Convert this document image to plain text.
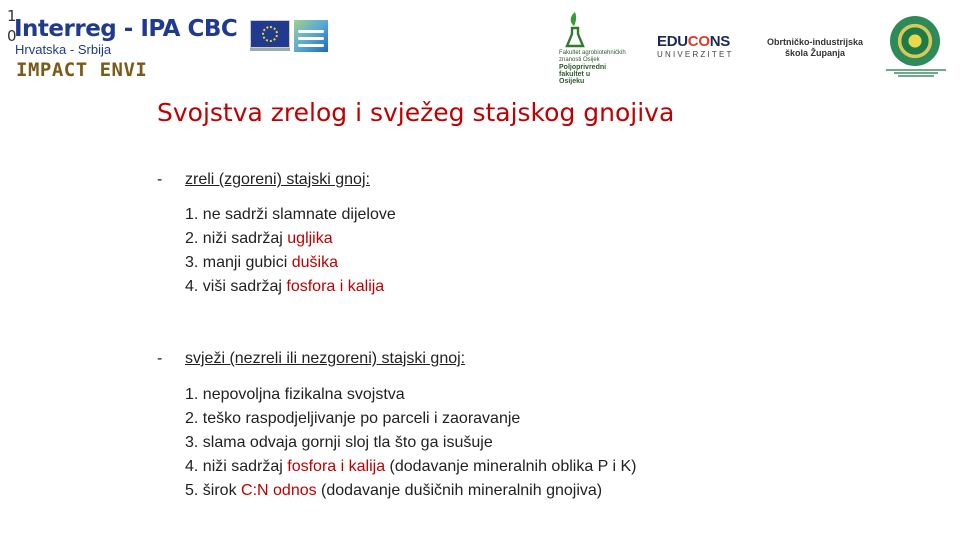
1
0
Interreg - IPA CBC
Hrvatska - Srbija
IMPACT ENVI
Fakultet agrobiotehničkih znanosti Osijek
Poljoprivredni
fakultet u
Osijeku
EDUCONS
UNIVERZITET
Obrtničko-industrijska
škola Županja
Svojstva zrelog i svježeg stajskog gnojiva
- zreli (zgoreni) stajski gnoj:
1. ne sadrži slamnate dijelove
2. niži sadržaj ugljika
3. manji gubici dušika
4. viši sadržaj fosfora i kalija
- svježi (nezreli ili nezgoreni) stajski gnoj:
1. nepovoljna fizikalna svojstva
2. teško raspodjeljivanje po parceli i zaoravanje
3. slama odvaja gornji sloj tla što ga isušuje
4. niži sadržaj fosfora i kalija (dodavanje mineralnih oblika P i K)
5. širok C:N odnos (dodavanje dušičnih mineralnih gnojiva)
